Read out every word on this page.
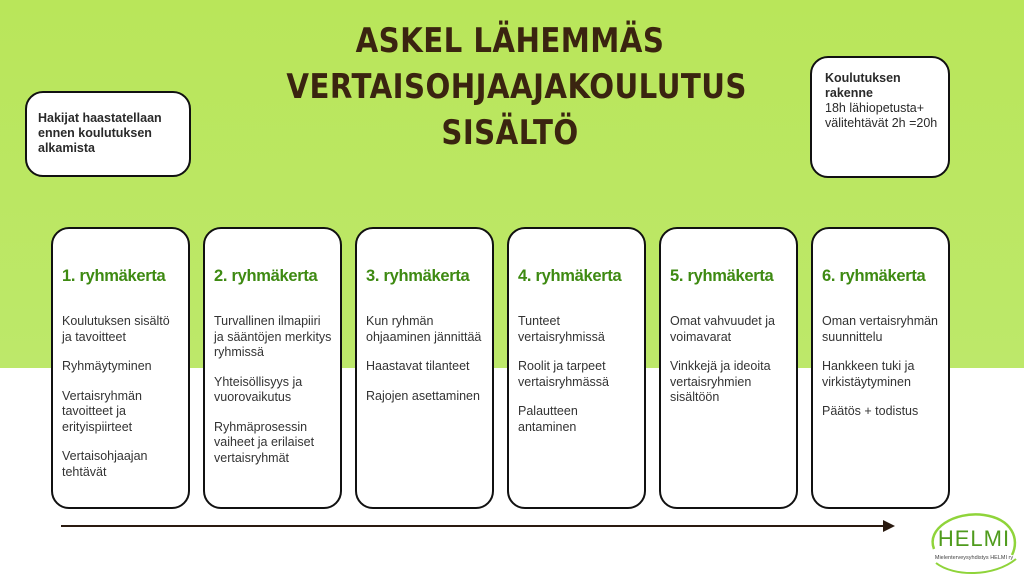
ASKEL LÄHEMMÄS
VERTAISOHJAAJAKOULUTUS
SISÄLTÖ
Hakijat haastatellaan ennen koulutuksen alkamista
Koulutuksen rakenne
18h lähiopetusta+ välitehtävät 2h =20h
1. ryhmäkerta
Koulutuksen sisältö ja tavoitteet
Ryhmäytyminen
Vertaisryhmän tavoitteet ja erityispiirteet
Vertaisohjaajan tehtävät
2. ryhmäkerta
Turvallinen ilmapiiri ja sääntöjen merkitys ryhmissä
Yhteisöllisyys ja vuorovaikutus
Ryhmäprosessin vaiheet ja erilaiset vertaisryhmät
3. ryhmäkerta
Kun ryhmän ohjaaminen jännittää
Haastavat tilanteet
Rajojen asettaminen
4. ryhmäkerta
Tunteet vertaisryhmissä
Roolit ja tarpeet vertaisryhmässä
Palautteen antaminen
5. ryhmäkerta
Omat vahvuudet ja voimavarat
Vinkkejä ja ideoita vertaisryhmien sisältöön
6. ryhmäkerta
Oman vertaisryhmän suunnittelu
Hankkeen tuki ja virkistäytyminen
Päätös + todistus
HELMI
Mielenterveysyhdistys HELMI ry
